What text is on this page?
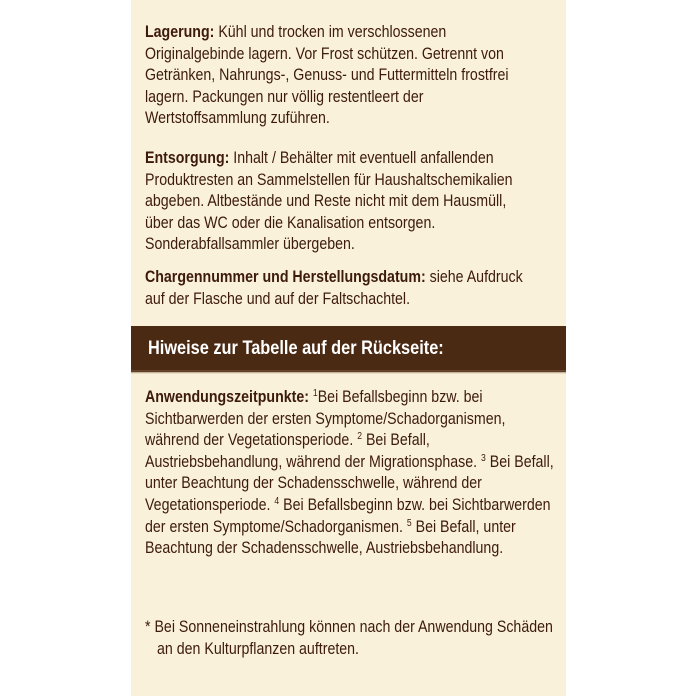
Lagerung: Kühl und trocken im verschlossenen
Originalgebinde lagern. Vor Frost schützen. Getrennt von
Getränken, Nahrungs-, Genuss- und Futtermitteln frostfrei
lagern. Packungen nur völlig restentleert der
Wertstoffsammlung zuführen.
Entsorgung: Inhalt / Behälter mit eventuell anfallenden
Produktresten an Sammelstellen für Haushaltschemikalien
abgeben. Altbestände und Reste nicht mit dem Hausmüll,
über das WC oder die Kanalisation entsorgen.
Sonderabfallsammler übergeben.
Chargennummer und Herstellungsdatum: siehe Aufdruck
auf der Flasche und auf der Faltschachtel.
Hiweise zur Tabelle auf der Rückseite:
Anwendungszeitpunkte: $^1$Bei Befallsbeginn bzw. bei
Sichtbarwerden der ersten Symptome/Schadorganismen,
während der Vegetationsperiode. $^2$ Bei Befall,
Austriebsbehandlung, während der Migrationsphase. $^3$ Bei Befall,
unter Beachtung der Schadensschwelle, während der
Vegetationsperiode. $^4$ Bei Befallsbeginn bzw. bei Sichtbarwerden
der ersten Symptome/Schadorganismen. $^5$ Bei Befall, unter
Beachtung der Schadensschwelle, Austriebsbehandlung.
* Bei Sonneneinstrahlung können nach der Anwendung Schäden
an den Kulturpflanzen auftreten.
